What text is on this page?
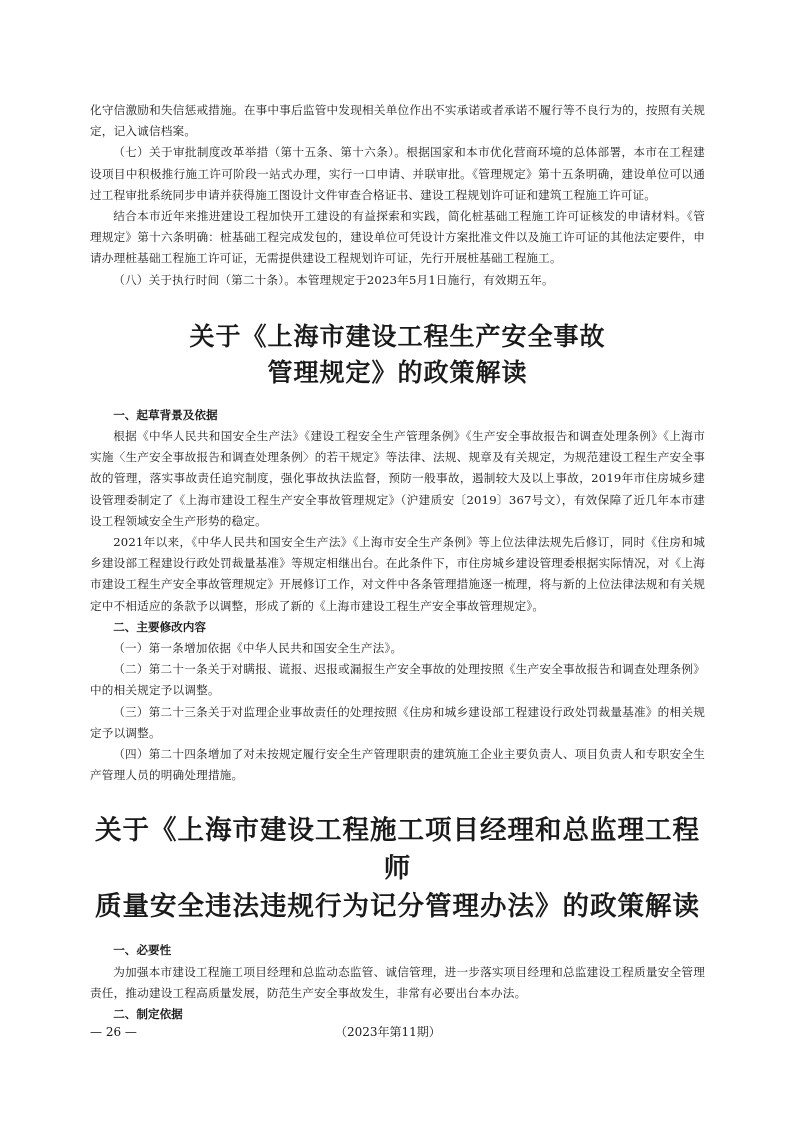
化守信激励和失信惩戒措施。在事中事后监管中发现相关单位作出不实承诺或者承诺不履行等不良行为的，按照有关规定，记入诚信档案。

（七）关于审批制度改革举措（第十五条、第十六条）。根据国家和本市优化营商环境的总体部署，本市在工程建设项目中积极推行施工许可阶段一站式办理，实行一口申请、并联审批。《管理规定》第十五条明确，建设单位可以通过工程审批系统同步申请并获得施工图设计文件审查合格证书、建设工程规划许可证和建筑工程施工许可证。

结合本市近年来推进建设工程加快开工建设的有益探索和实践，简化桩基础工程施工许可证核发的申请材料。《管理规定》第十六条明确：桩基础工程完成发包的，建设单位可凭设计方案批准文件以及施工许可证的其他法定要件，申请办理桩基础工程施工许可证，无需提供建设工程规划许可证，先行开展桩基础工程施工。

（八）关于执行时间（第二十条）。本管理规定于2023年5月1日施行，有效期五年。

关于《上海市建设工程生产安全事故
管理规定》的政策解读
一、起草背景及依据

根据《中华人民共和国安全生产法》《建设工程安全生产管理条例》《生产安全事故报告和调查处理条例》《上海市实施〈生产安全事故报告和调查处理条例〉的若干规定》等法律、法规、规章及有关规定，为规范建设工程生产安全事故的管理，落实事故责任追究制度，强化事故执法监督，预防一般事故，遏制较大及以上事故，2019年市住房城乡建设管理委制定了《上海市建设工程生产安全事故管理规定》（沪建质安〔2019〕367号文），有效保障了近几年本市建设工程领域安全生产形势的稳定。

2021年以来，《中华人民共和国安全生产法》《上海市安全生产条例》等上位法律法规先后修订，同时《住房和城乡建设部工程建设行政处罚裁量基准》等规定相继出台。在此条件下，市住房城乡建设管理委根据实际情况，对《上海市建设工程生产安全事故管理规定》开展修订工作，对文件中各条管理措施逐一梳理，将与新的上位法律法规和有关规定中不相适应的条款予以调整，形成了新的《上海市建设工程生产安全事故管理规定》。

二、主要修改内容

（一）第一条增加依据《中华人民共和国安全生产法》。

（二）第二十一条关于对瞒报、谎报、迟报或漏报生产安全事故的处理按照《生产安全事故报告和调查处理条例》中的相关规定予以调整。

（三）第二十三条关于对监理企业事故责任的处理按照《住房和城乡建设部工程建设行政处罚裁量基准》的相关规定予以调整。

（四）第二十四条增加了对未按规定履行安全生产管理职责的建筑施工企业主要负责人、项目负责人和专职安全生产管理人员的明确处理措施。

关于《上海市建设工程施工项目经理和总监理工程师
质量安全违法违规行为记分管理办法》的政策解读
一、必要性

为加强本市建设工程施工项目经理和总监动态监管、诚信管理，进一步落实项目经理和总监建设工程质量安全管理责任，推动建设工程高质量发展，防范生产安全事故发生，非常有必要出台本办法。

二、制定依据
— 26 —	（2023年第11期）
